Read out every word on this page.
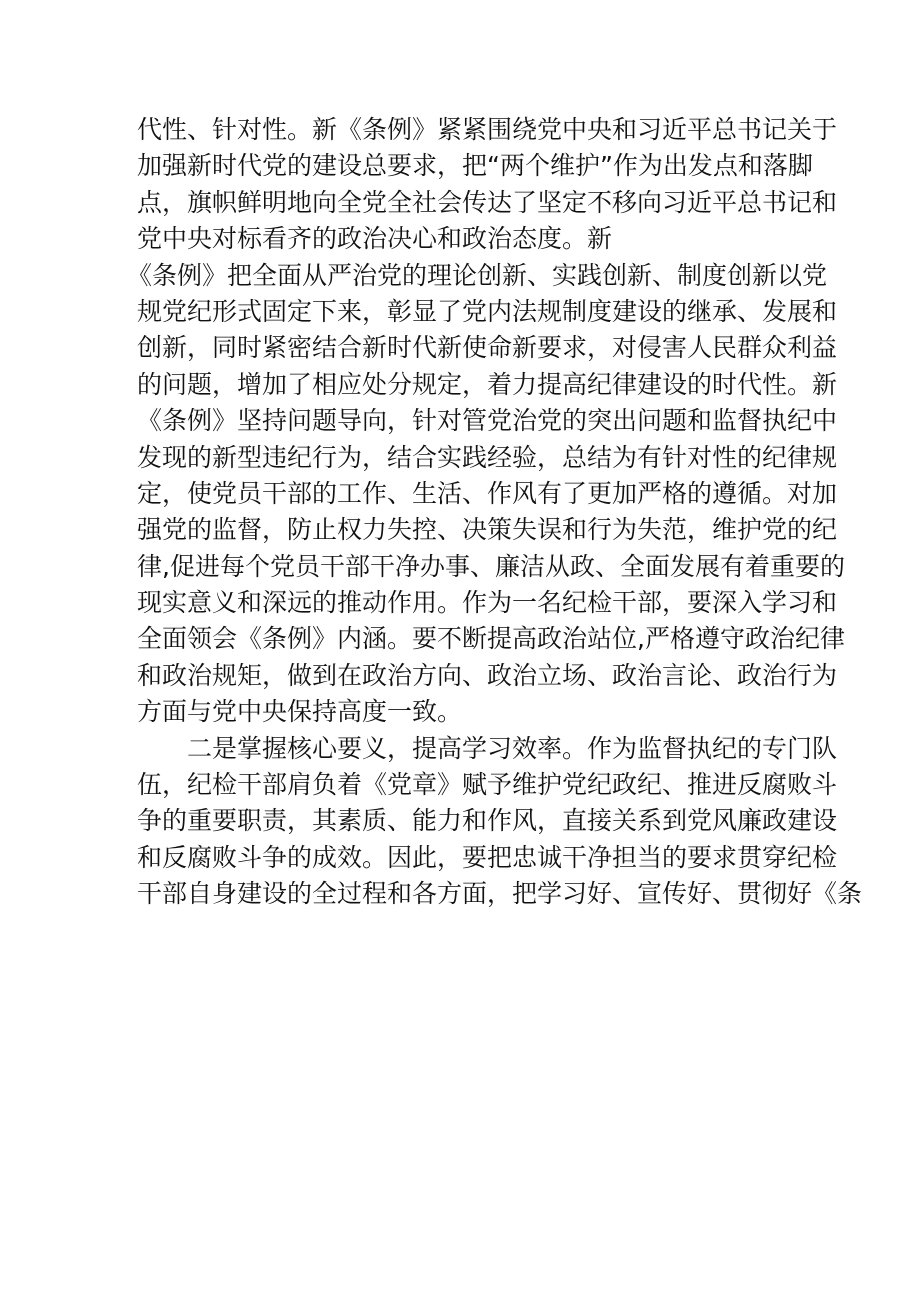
代性、针对性。新《条例》紧紧围绕党中央和习近平总书记关于
加强新时代党的建设总要求，把“两个维护”作为出发点和落脚
点，旗帜鲜明地向全党全社会传达了坚定不移向习近平总书记和
党中央对标看齐的政治决心和政治态度。新
《条例》把全面从严治党的理论创新、实践创新、制度创新以党
规党纪形式固定下来，彰显了党内法规制度建设的继承、发展和
创新，同时紧密结合新时代新使命新要求，对侵害人民群众利益
的问题，增加了相应处分规定，着力提高纪律建设的时代性。新
《条例》坚持问题导向，针对管党治党的突出问题和监督执纪中
发现的新型违纪行为，结合实践经验，总结为有针对性的纪律规
定，使党员干部的工作、生活、作风有了更加严格的遵循。对加
强党的监督，防止权力失控、决策失误和行为失范，维护党的纪
律,促进每个党员干部干净办事、廉洁从政、全面发展有着重要的
现实意义和深远的推动作用。作为一名纪检干部，要深入学习和
全面领会《条例》内涵。要不断提高政治站位,严格遵守政治纪律
和政治规矩，做到在政治方向、政治立场、政治言论、政治行为
方面与党中央保持高度一致。
二是掌握核心要义，提高学习效率。作为监督执纪的专门队
伍，纪检干部肩负着《党章》赋予维护党纪政纪、推进反腐败斗
争的重要职责，其素质、能力和作风，直接关系到党风廉政建设
和反腐败斗争的成效。因此，要把忠诚干净担当的要求贯穿纪检
干部自身建设的全过程和各方面，把学习好、宣传好、贯彻好《条
